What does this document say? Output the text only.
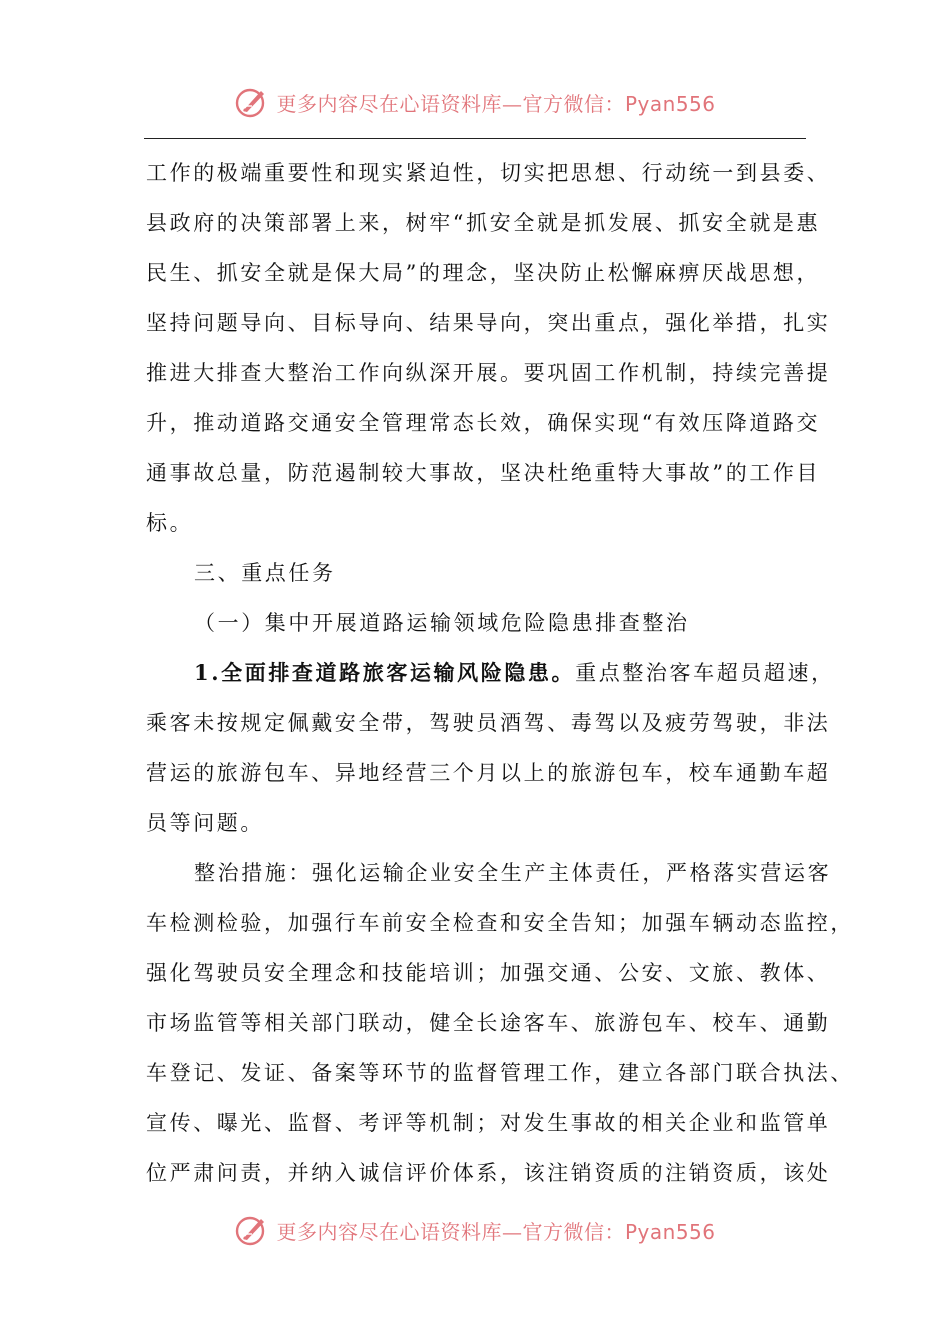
更多内容尽在心语资料库—官方微信：Pyan556
工作的极端重要性和现实紧迫性，切实把思想、行动统一到县委、
县政府的决策部署上来，树牢“抓安全就是抓发展、抓安全就是惠
民生、抓安全就是保大局”的理念，坚决防止松懈麻痹厌战思想，
坚持问题导向、目标导向、结果导向，突出重点，强化举措，扎实
推进大排查大整治工作向纵深开展。要巩固工作机制，持续完善提
升，推动道路交通安全管理常态长效，确保实现“有效压降道路交
通事故总量，防范遏制较大事故，坚决杜绝重特大事故”的工作目
标。
三、重点任务
（一）集中开展道路运输领域危险隐患排查整治
1.全面排查道路旅客运输风险隐患。重点整治客车超员超速，
乘客未按规定佩戴安全带，驾驶员酒驾、毒驾以及疲劳驾驶，非法
营运的旅游包车、异地经营三个月以上的旅游包车，校车通勤车超
员等问题。
整治措施：强化运输企业安全生产主体责任，严格落实营运客
车检测检验，加强行车前安全检查和安全告知；加强车辆动态监控，
强化驾驶员安全理念和技能培训；加强交通、公安、文旅、教体、
市场监管等相关部门联动，健全长途客车、旅游包车、校车、通勤
车登记、发证、备案等环节的监督管理工作，建立各部门联合执法、
宣传、曝光、监督、考评等机制；对发生事故的相关企业和监管单
位严肃问责，并纳入诚信评价体系，该注销资质的注销资质，该处
更多内容尽在心语资料库—官方微信：Pyan556
